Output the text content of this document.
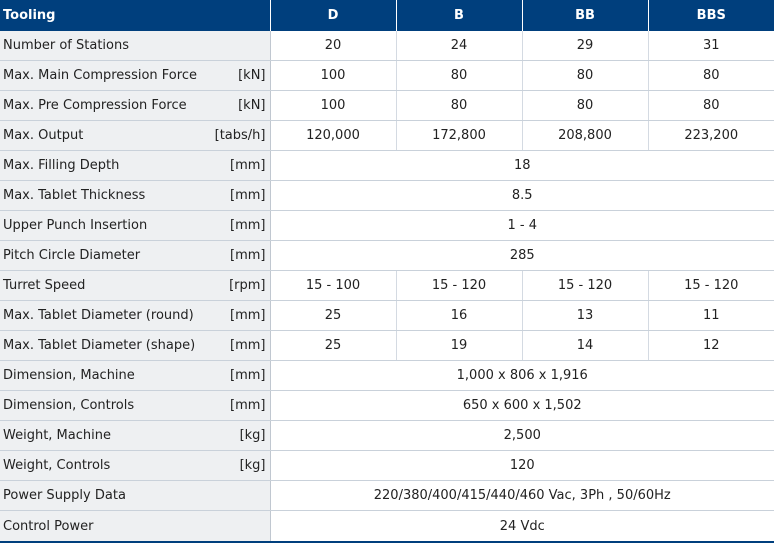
Tooling	D	B	BB	BBS

Number of Stations	20	24	29	31

Max. Main Compression Force [kN]	100	80	80	80

Max. Pre Compression Force [kN]	100	80	80	80

Max. Output [tabs/h]	120,000	172,800	208,800	223,200

Max. Filling Depth [mm]	18			

Max. Tablet Thickness [mm]	8.5			

Upper Punch Insertion [mm]	1 - 4			

Pitch Circle Diameter [mm]	285			

Turret Speed [rpm]	15 - 100	15 - 120	15 - 120	15 - 120

Max. Tablet Diameter (round) [mm]	25	16	13	11

Max. Tablet Diameter (shape) [mm]	25	19	14	12

Dimension, Machine [mm]	1,000 x 806 x 1,916			

Dimension, Controls [mm]	650 x 600 x 1,502			

Weight, Machine [kg]	2,500			

Weight, Controls [kg]	120			

Power Supply Data	220/380/400/415/440/460 Vac, 3Ph , 50/60Hz			

Control Power	24 Vdc			
